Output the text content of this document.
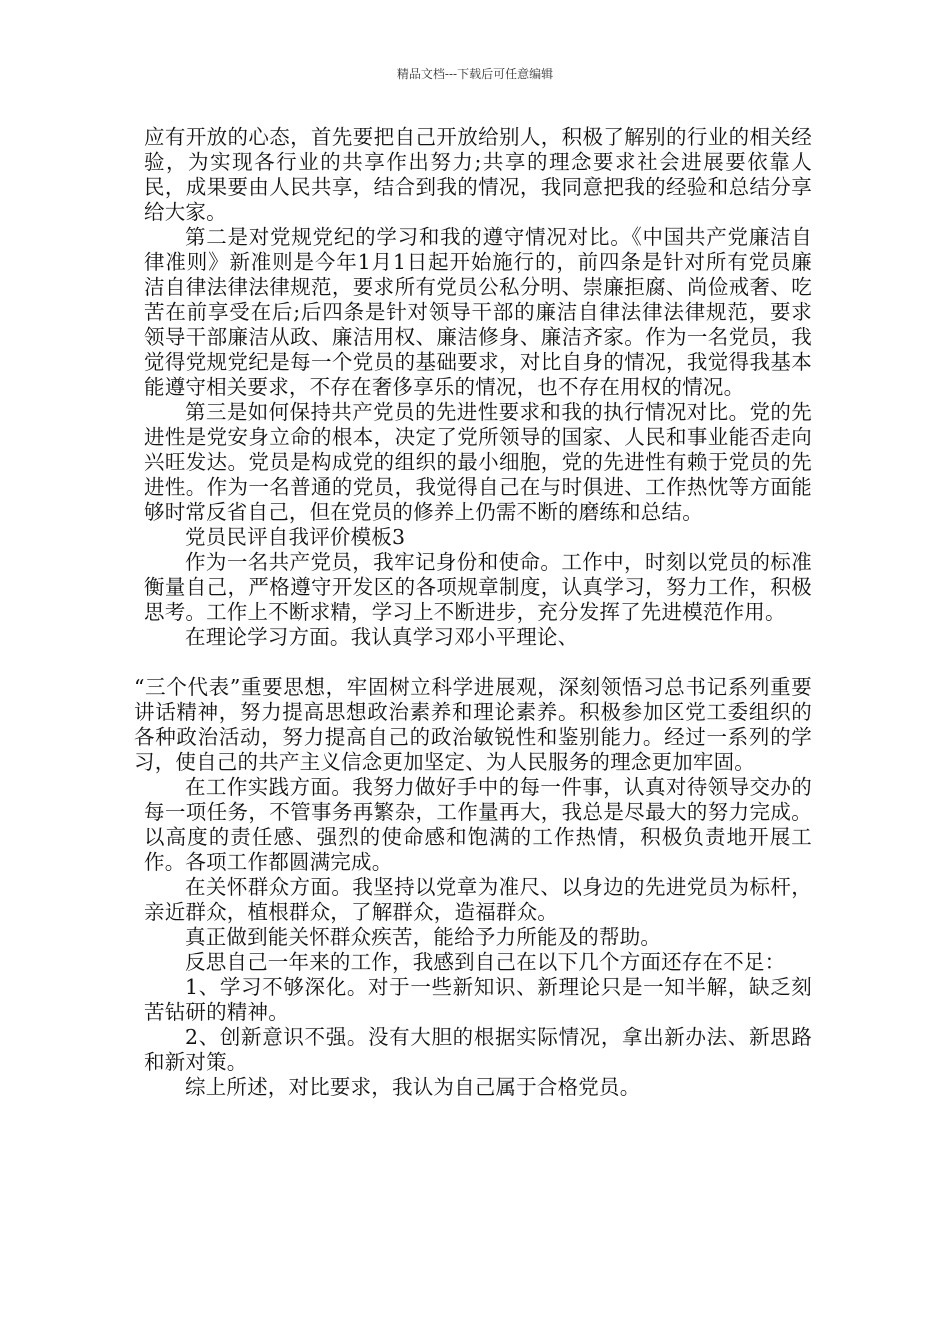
精品文档---下载后可任意编辑

应有开放的心态，首先要把自己开放给别人，积极了解别的行业的相关经验，为实现各行业的共享作出努力;共享的理念要求社会进展要依靠人民，成果要由人民共享，结合到我的情况，我同意把我的经验和总结分享给大家。

第二是对党规党纪的学习和我的遵守情况对比。《中国共产党廉洁自律准则》新准则是今年1月1日起开始施行的，前四条是针对所有党员廉洁自律法律法律规范，要求所有党员公私分明、崇廉拒腐、尚俭戒奢、吃苦在前享受在后;后四条是针对领导干部的廉洁自律法律法律规范，要求领导干部廉洁从政、廉洁用权、廉洁修身、廉洁齐家。作为一名党员，我觉得党规党纪是每一个党员的基础要求，对比自身的情况，我觉得我基本能遵守相关要求，不存在奢侈享乐的情况，也不存在用权的情况。

第三是如何保持共产党员的先进性要求和我的执行情况对比。党的先进性是党安身立命的根本，决定了党所领导的国家、人民和事业能否走向兴旺发达。党员是构成党的组织的最小细胞，党的先进性有赖于党员的先进性。作为一名普通的党员，我觉得自己在与时俱进、工作热忱等方面能够时常反省自己，但在党员的修养上仍需不断的磨练和总结。

党员民评自我评价模板3

作为一名共产党员，我牢记身份和使命。工作中，时刻以党员的标准衡量自己，严格遵守开发区的各项规章制度，认真学习，努力工作，积极思考。工作上不断求精，学习上不断进步，充分发挥了先进模范作用。

在理论学习方面。我认真学习邓小平理论、

“三个代表”重要思想，牢固树立科学进展观，深刻领悟习总书记系列重要讲话精神，努力提高思想政治素养和理论素养。积极参加区党工委组织的各种政治活动，努力提高自己的政治敏锐性和鉴别能力。经过一系列的学习，使自己的共产主义信念更加坚定、为人民服务的理念更加牢固。

在工作实践方面。我努力做好手中的每一件事，认真对待领导交办的每一项任务，不管事务再繁杂，工作量再大，我总是尽最大的努力完成。以高度的责任感、强烈的使命感和饱满的工作热情，积极负责地开展工作。各项工作都圆满完成。

在关怀群众方面。我坚持以党章为准尺、以身边的先进党员为标杆，亲近群众，植根群众，了解群众，造福群众。

真正做到能关怀群众疾苦，能给予力所能及的帮助。

反思自己一年来的工作，我感到自己在以下几个方面还存在不足：

1、学习不够深化。对于一些新知识、新理论只是一知半解，缺乏刻苦钻研的精神。

2、创新意识不强。没有大胆的根据实际情况，拿出新办法、新思路和新对策。

综上所述，对比要求，我认为自己属于合格党员。
